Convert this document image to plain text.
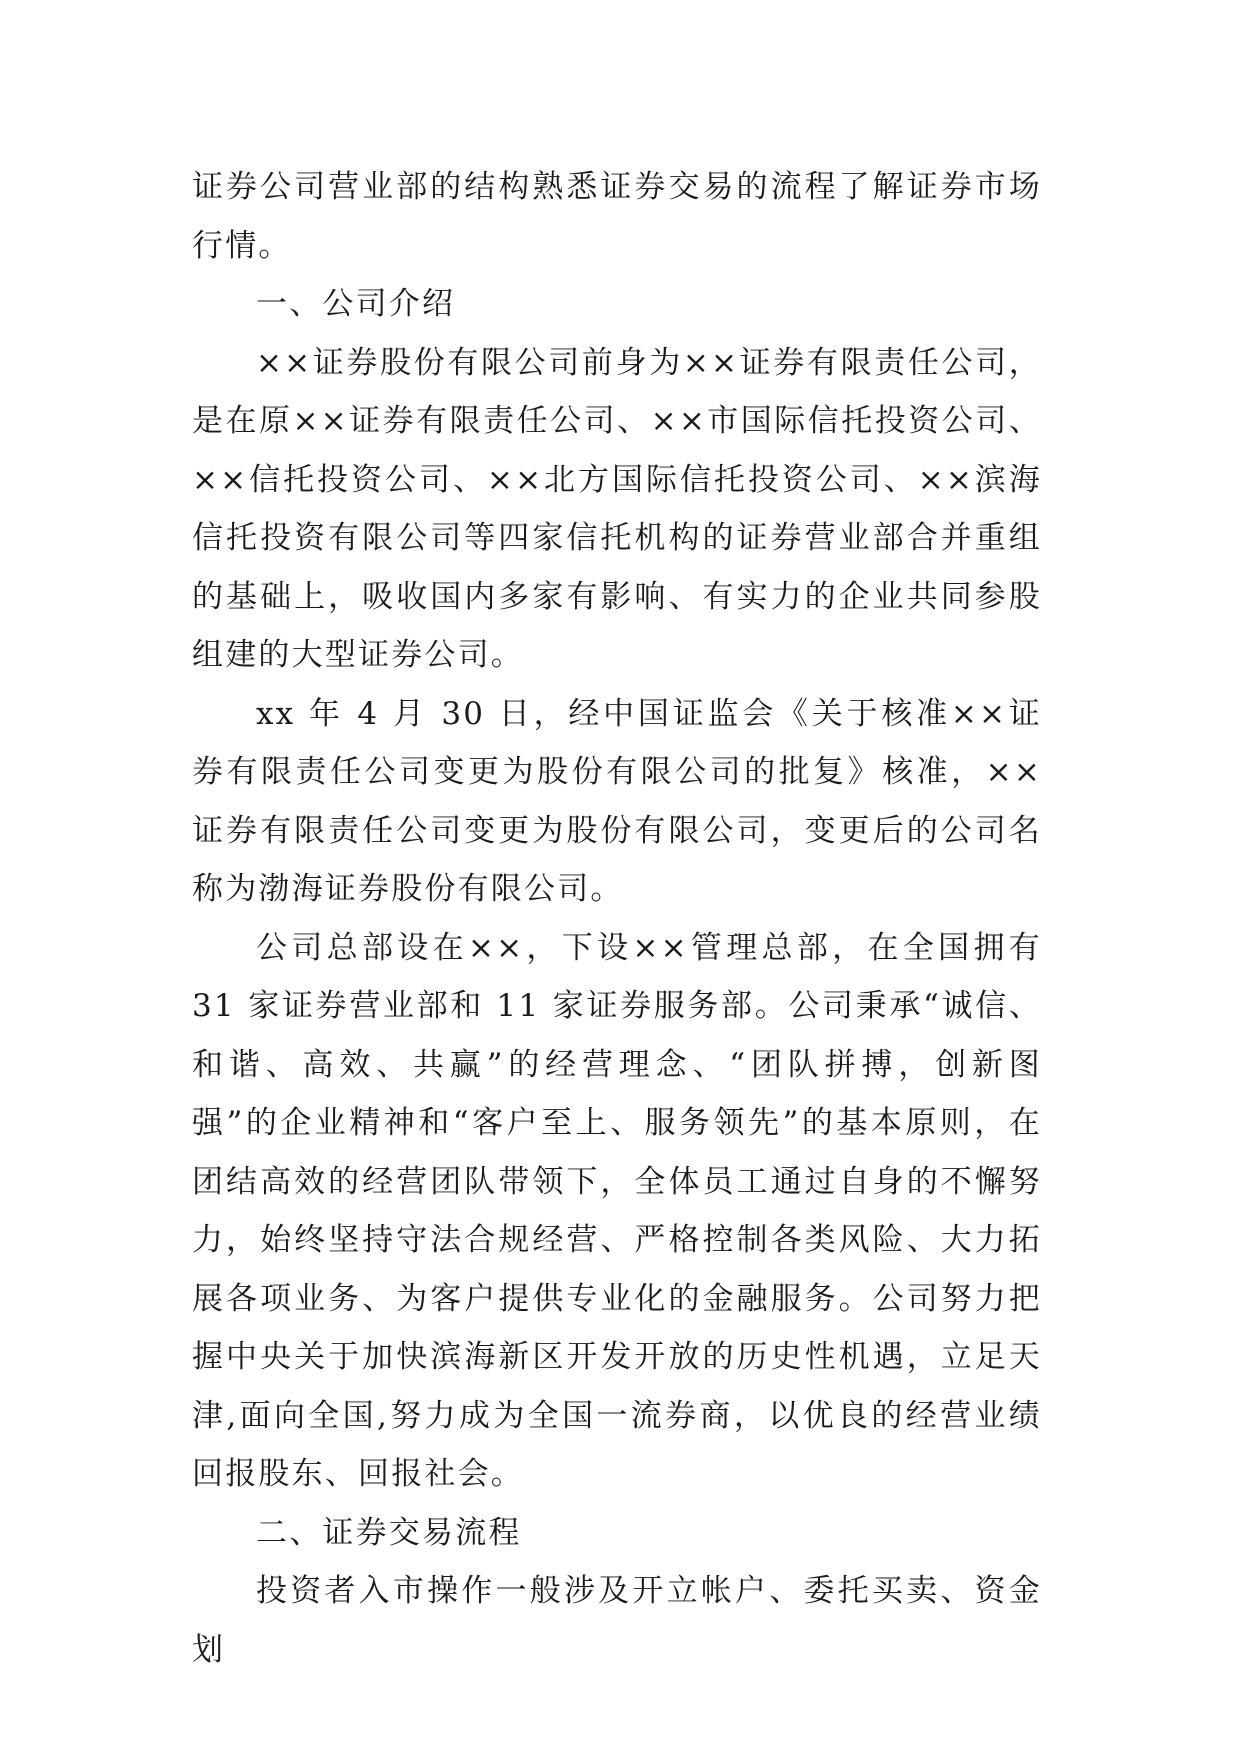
证券公司营业部的结构熟悉证券交易的流程了解证券市场行情。

一、公司介绍

××证券股份有限公司前身为××证券有限责任公司，是在原××证券有限责任公司、××市国际信托投资公司、××信托投资公司、××北方国际信托投资公司、××滨海信托投资有限公司等四家信托机构的证券营业部合并重组的基础上，吸收国内多家有影响、有实力的企业共同参股组建的大型证券公司。

xx 年 4 月 30 日，经中国证监会《关于核准××证券有限责任公司变更为股份有限公司的批复》核准，××证券有限责任公司变更为股份有限公司，变更后的公司名称为渤海证券股份有限公司。

公司总部设在××，下设××管理总部，在全国拥有 31 家证券营业部和 11 家证券服务部。公司秉承“诚信、和谐、高效、共赢”的经营理念、“团队拼搏，创新图强”的企业精神和“客户至上、服务领先”的基本原则，在团结高效的经营团队带领下，全体员工通过自身的不懈努力，始终坚持守法合规经营、严格控制各类风险、大力拓展各项业务、为客户提供专业化的金融服务。公司努力把握中央关于加快滨海新区开发开放的历史性机遇，立足天津,面向全国,努力成为全国一流券商，以优良的经营业绩回报股东、回报社会。

二、证券交易流程

投资者入市操作一般涉及开立帐户、委托买卖、资金划
